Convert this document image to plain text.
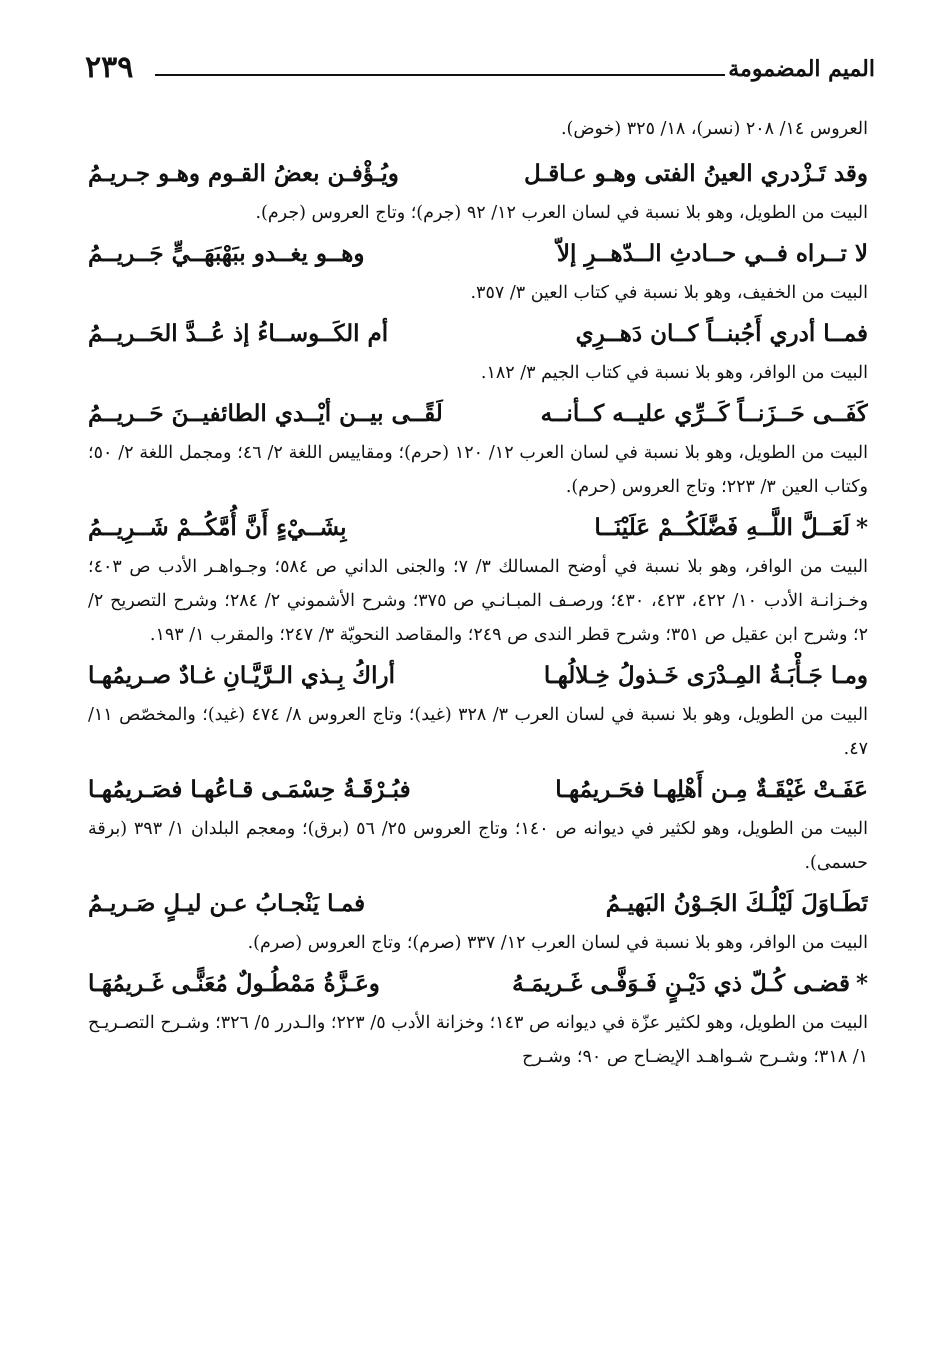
الميم المضمومة
٢٣٩

العروس ١٤/ ٢٠٨ (نسر)، ١٨/ ٣٢٥ (خوض).

وقد تَـزْدري العينُ الفتى وهـو عـاقـل
ويُـؤْفـن بعضُ القـوم وهـو جـريـمُ

البيت من الطويل، وهو بلا نسبة في لسان العرب ١٢/ ٩٢ (جرم)؛ وتاج العروس (جرم).

لا تــراه فــي حــادثِ الــدّهــرِ إلاّ
وهــو يغــدو ببَهْبَهَــيٍّ جَــريــمُ

البيت من الخفيف، وهو بلا نسبة في كتاب العين ٣/ ٣٥٧.

فمــا أدري أَجُبنــاً كــان دَهــرِي
أم الكَــوســاءُ إذ عُــدَّ الحَــريــمُ

البيت من الوافر، وهو بلا نسبة في كتاب الجيم ٣/ ١٨٢.

كَفَــى حَــزَنــاً كَــرِّي عليــه كــأنــه
لَقًــى بيــن أيْــدي الطائفيــنَ حَــريــمُ

البيت من الطويل، وهو بلا نسبة في لسان العرب ١٢/ ١٢٠ (حرم)؛ ومقاييس اللغة ٢/ ٤٦؛ ومجمل اللغة ٢/ ٥٠؛ وكتاب العين ٣/ ٢٢٣؛ وتاج العروس (حرم).

*لَعَــلَّ اللَّــهِ فَضَّلَكُــمْ عَلَيْنَــا
بِشَــيْءٍ أَنَّ أُمَّكُــمْ شَــرِيــمُ

البيت من الوافر، وهو بلا نسبة في أوضح المسالك ٣/ ٧؛ والجنى الداني ص ٥٨٤؛ وجـواهـر الأدب ص ٤٠٣؛ وخـزانـة الأدب ١٠/ ٤٢٢، ٤٢٣، ٤٣٠؛ ورصـف المبـانـي ص ٣٧٥؛ وشرح الأشموني ٢/ ٢٨٤؛ وشرح التصريح ٢/ ٢؛ وشرح ابن عقيل ص ٣٥١؛ وشرح قطر الندى ص ٢٤٩؛ والمقاصد النحويّة ٣/ ٢٤٧؛ والمقرب ١/ ١٩٣.

ومـا جَـأْبَـةُ المِـدْرَى خَـذولُ خِـلالُهـا
أراكُ بِـذي الـرَّيَّـانِ غـادٌ صـريمُهـا

البيت من الطويل، وهو بلا نسبة في لسان العرب ٣/ ٣٢٨ (غيد)؛ وتاج العروس ٨/ ٤٧٤ (غيد)؛ والمخصّص ١١/ ٤٧.

عَفَـتْ غَيْقَـةٌ مِـن أَهْلِهـا فحَـريمُهـا
فبُـرْقَـةُ حِسْمَـى قـاعُهـا فصَـريمُهـا

البيت من الطويل، وهو لكثير في ديوانه ص ١٤٠؛ وتاج العروس ٢٥/ ٥٦ (برق)؛ ومعجم البلدان ١/ ٣٩٣ (برقة حسمى).

تَطَـاوَلَ لَيْلُـكَ الجَـوْنُ البَهيـمُ
فمـا يَنْجـابُ عـن ليـلٍ صَـريـمُ

البيت من الوافر، وهو بلا نسبة في لسان العرب ١٢/ ٣٣٧ (صرم)؛ وتاج العروس (صرم).

*قضـى كُـلّ ذي دَيْـنٍ فَـوَفَّـى غَـريمَـهُ
وعَـزَّةُ مَمْطُـولٌ مُعَنًّـى غَـريمُهَـا

البيت من الطويل، وهو لكثير عزّة في ديوانه ص ١٤٣؛ وخزانة الأدب ٥/ ٢٢٣؛ والـدرر ٥/ ٣٢٦؛ وشـرح التصـريـح ١/ ٣١٨؛ وشـرح شـواهـد الإيضـاح ص ٩٠؛ وشـرح
